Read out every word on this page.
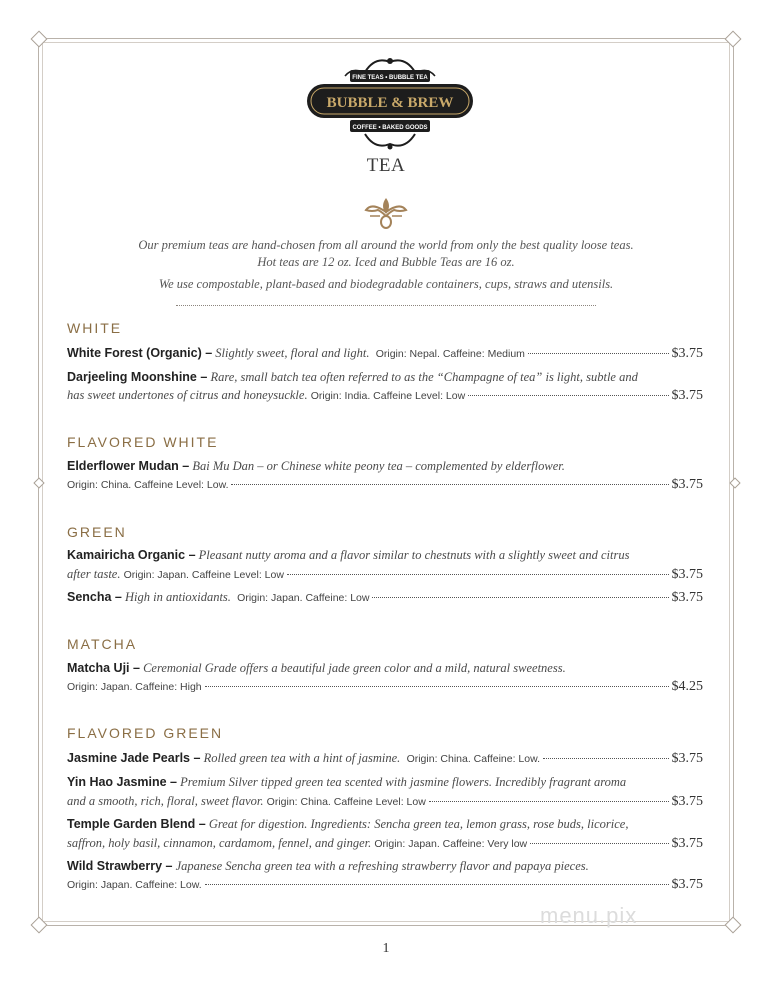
FINE TEAS • BUBBLE TEA
BUBBLE & BREW
COFFEE • BAKED GOODS
TEA
Our premium teas are hand-chosen from all around the world from only the best quality loose teas.
Hot teas are 12 oz. Iced and Bubble Teas are 16 oz.
We use compostable, plant-based and biodegradable containers, cups, straws and utensils.
WHITE
White Forest (Organic) –
Slightly sweet, floral and light.
Origin: Nepal. Caffeine: Medium	$3.75
Darjeeling Moonshine – Rare, small batch tea often referred to as the “Champagne of tea” is light, subtle and
has sweet undertones of citrus and honeysuckle.
Origin: India. Caffeine Level: Low	$3.75
FLAVORED WHITE
Elderflower Mudan – Bai Mu Dan – or Chinese white peony tea – complemented by elderflower.
Origin: China. Caffeine Level: Low.	$3.75
GREEN
Kamairicha Organic – Pleasant nutty aroma and a flavor similar to chestnuts with a slightly sweet and citrus
after taste.
Origin: Japan. Caffeine Level: Low	$3.75
Sencha –
High in antioxidants.
Origin: Japan. Caffeine: Low	$3.75
MATCHA
Matcha Uji – Ceremonial Grade offers a beautiful jade green color and a mild, natural sweetness.
Origin: Japan. Caffeine: High	$4.25
FLAVORED GREEN
Jasmine Jade Pearls –
Rolled green tea with a hint of jasmine.
Origin: China. Caffeine: Low.	$3.75
Yin Hao Jasmine – Premium Silver tipped green tea scented with jasmine flowers. Incredibly fragrant aroma
and a smooth, rich, floral, sweet flavor.
Origin: China. Caffeine Level: Low	$3.75
Temple Garden Blend – Great for digestion. Ingredients: Sencha green tea, lemon grass, rose buds, licorice,
saffron, holy basil, cinnamon, cardamom, fennel, and ginger.
Origin: Japan. Caffeine: Very low	$3.75
Wild Strawberry – Japanese Sencha green tea with a refreshing strawberry flavor and papaya pieces.
Origin: Japan. Caffeine: Low.	$3.75
menu.pix
1
